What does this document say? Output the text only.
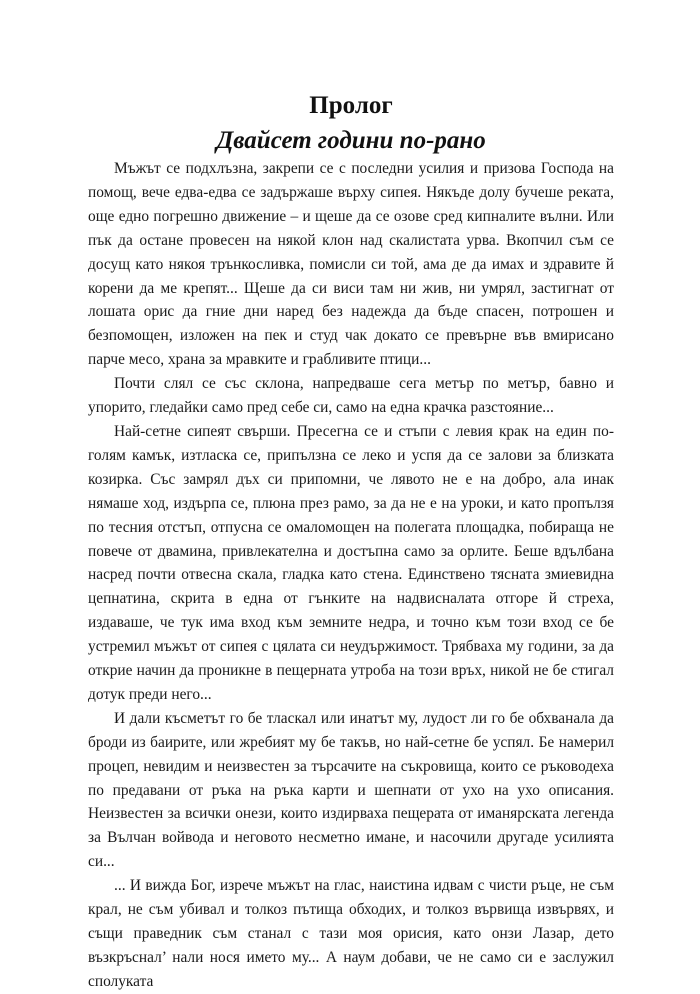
Пролог
Двайсет години по-рано

Мъжът се подхлъзна, закрепи се с последни усилия и призова Господа на помощ, вече едва-едва се задържаше върху сипея. Някъде долу бучеше реката, още едно погрешно движение – и щеше да се озове сред кипналите вълни. Или пък да остане провесен на някой клон над скалистата урва. Вкопчил съм се досущ като някоя трънкосливка, помисли си той, ама де да имах и здравите й корени да ме крепят... Щеше да си виси там ни жив, ни умрял, застигнат от лошата орис да гние дни наред без надежда да бъде спасен, потрошен и безпомощен, изложен на пек и студ чак докато се превърне във вмирисано парче месо, храна за мравките и грабливите птици...

Почти слял се със склона, напредваше сега метър по метър, бавно и упорито, гледайки само пред себе си, само на една крачка разстояние...

Най-сетне сипеят свърши. Пресегна се и стъпи с левия крак на един по-голям камък, изтласка се, припълзна се леко и успя да се залови за близката козирка. Със замрял дъх си припомни, че лявото не е на добро, ала инак нямаше ход, издърпа се, плюна през рамо, за да не е на уроки, и като пропълзя по тесния отстъп, отпусна се омаломощен на полегата площадка, побираща не повече от двамина, привлекателна и достъпна само за орлите. Беше вдълбана насред почти отвесна скала, гладка като стена. Единствено тясната змиевидна цепнатина, скрита в една от гънките на надвисналата отгоре й стреха, издаваше, че тук има вход към земните недра, и точно към този вход се бе устремил мъжът от сипея с цялата си неудържимост. Трябваха му години, за да открие начин да проникне в пещерната утроба на този връх, никой не бе стигал дотук преди него...

И дали късметът го бе тласкал или инатът му, лудост ли го бе обхванала да броди из баирите, или жребият му бе такъв, но най-сетне бе успял. Бе намерил процеп, невидим и неизвестен за търсачите на съкровища, които се ръководеха по предавани от ръка на ръка карти и шепнати от ухо на ухо описания. Неизвестен за всички онези, които издирваха пещерата от иманярската легенда за Вълчан войвода и неговото несметно имане, и насочили другаде усилията си...

... И вижда Бог, изрече мъжът на глас, наистина идвам с чисти ръце, не съм крал, не съм убивал и толкоз пътища обходих, и толкоз вървища извървях, и същи праведник съм станал с тази моя орисия, като онзи Лазар, дето възкръснал’ нали нося името му... А наум добави, че не само си е заслужил сполуката
